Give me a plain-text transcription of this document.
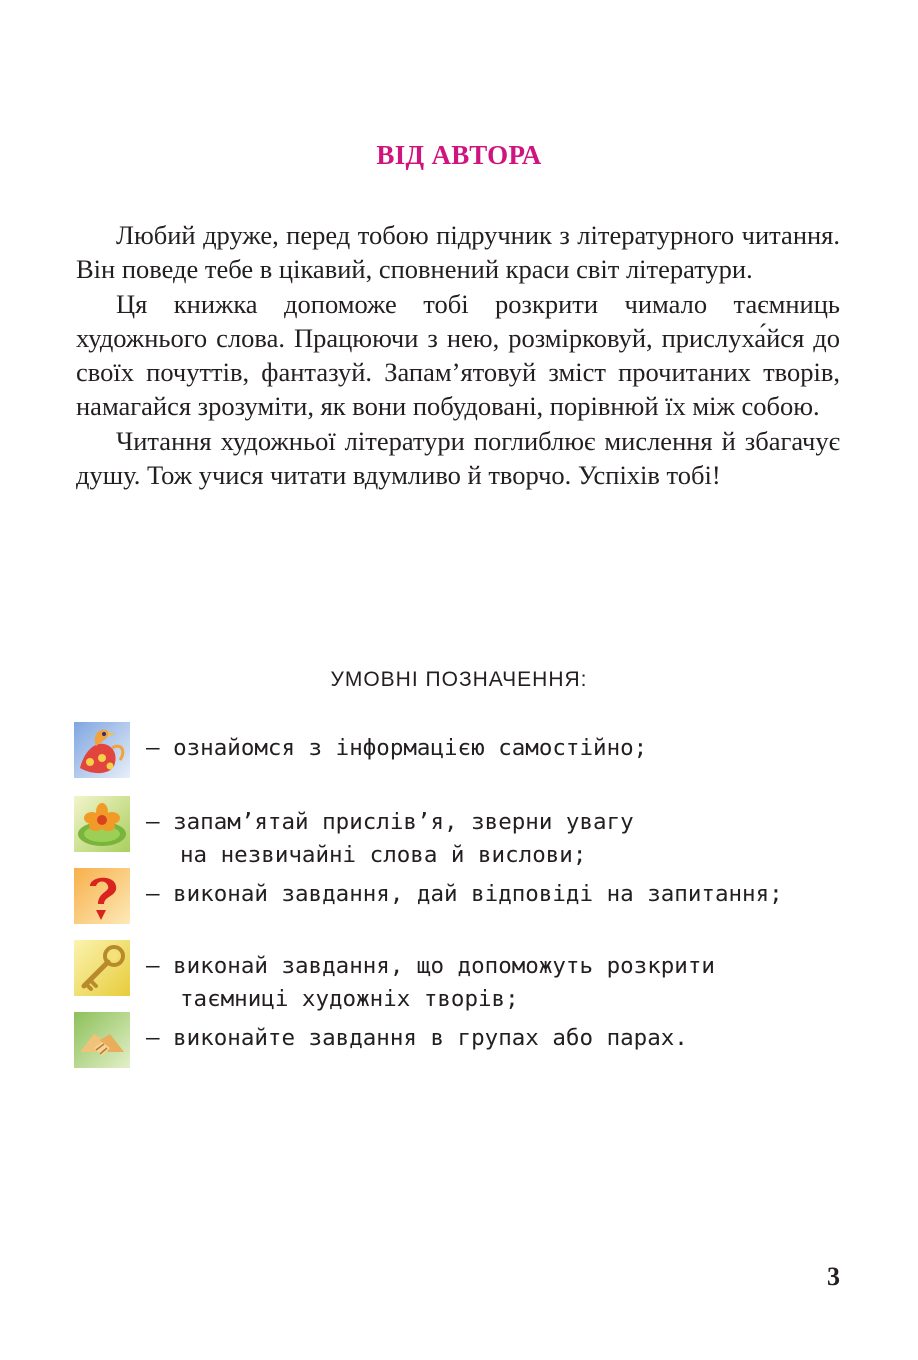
ВІД АВТОРА

Любий друже, перед тобою підручник з літературного читання. Він поведе тебе в цікавий, сповнений краси світ літератури.

Ця книжка допоможе тобі розкрити чимало таємниць художнього слова. Працюючи з нею, розмірковуй, прислуха́йся до своїх почуттів, фантазуй. Запам’ятовуй зміст прочитаних творів, намагайся зрозуміти, як вони побудовані, порівнюй їх між собою.

Читання художньої літератури поглиблює мислення й збагачує душу. Тож учися читати вдумливо й творчо. Успіхів тобі!

УМОВНІ ПОЗНАЧЕННЯ:
— ознайомся з інформацією самостійно;
— запам’ятай прислів’я, зверни увагу
на незвичайні слова й вислови;
— виконай завдання, дай відповіді на запитання;
— виконай завдання, що допоможуть розкрити
таємниці художніх творів;
— виконайте завдання в групах або парах.
3
